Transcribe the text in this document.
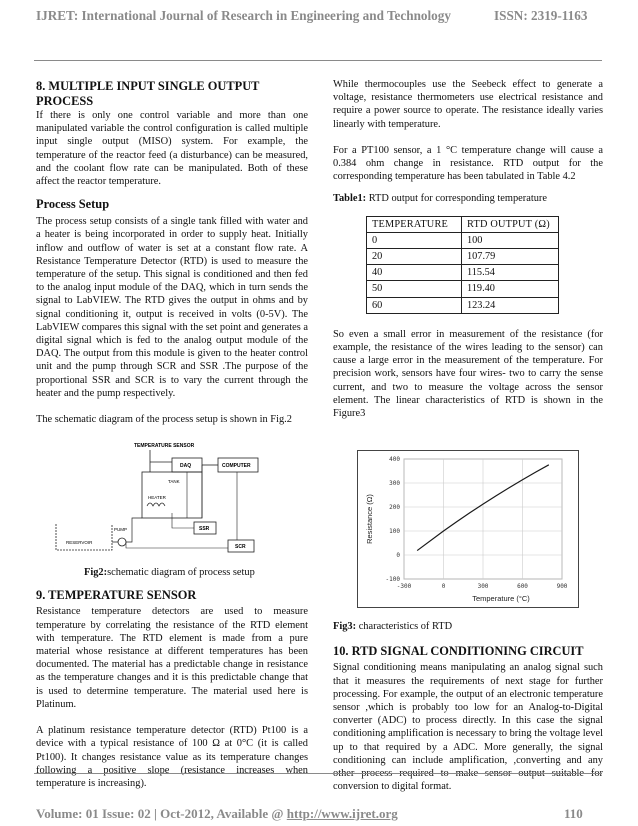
IJRET: International Journal of Research in Engineering and Technology	ISSN: 2319-1163
8. MULTIPLE INPUT SINGLE OUTPUT PROCESS

If there is only one control variable and more than one manipulated variable the control configuration is called multiple input single output (MISO) system. For example, the temperature of the reactor feed (a disturbance) can be measured, and the coolant flow rate can be manipulated. Both of these affect the reactor temperature.

Process Setup

The process setup consists of a single tank filled with water and a heater is being incorporated in order to supply heat. Initially inflow and outflow of water is set at a constant flow rate. A Resistance Temperature Detector (RTD) is used to measure the temperature of the setup. This signal is conditioned and then fed to the analog input module of the DAQ, which in turn sends the signal to LabVIEW. The RTD gives the output in ohms and by signal conditioning it, output is received in volts (0-5V). The LabVIEW compares this signal with the set point and generates a digital signal which is fed to the analog output module of the DAQ. The output from this module is given to the heater control unit and the pump through SCR and SSR .The purpose of the proportional SSR and SCR is to vary the current through the heater and the pump respectively.

The schematic diagram of the process setup is shown in Fig.2

TEMPERATURE SENSOR
DAQ	COMPUTER
TANK
HEATER
SSR
SCR
RESERVOIR
PUMP

Fig2:schematic diagram of process setup

9. TEMPERATURE SENSOR

Resistance temperature detectors are used to measure temperature by correlating the resistance of the RTD element with temperature. The RTD element is made from a pure material whose resistance at different temperatures has been documented. The material has a predictable change in resistance as the temperature changes and it is this predictable change that is used to determine temperature. The material used here is Platinum.

A platinum resistance temperature detector (RTD) Pt100 is a device with a typical resistance of 100 Ω at 0°C (it is called Pt100). It changes resistance value as its temperature changes following a positive slope (resistance increases when temperature is increasing).

While thermocouples use the Seebeck effect to generate a voltage, resistance thermometers use electrical resistance and require a power source to operate. The resistance ideally varies linearly with temperature.

For a PT100 sensor, a 1 °C temperature change will cause a 0.384 ohm change in resistance. RTD output for the corresponding temperature has been tabulated in Table 4.2

Table1: RTD output for corresponding temperature

TEMPERATURE	RTD OUTPUT (Ω)
0	100
20	107.79
40	115.54
50	119.40
60	123.24

So even a small error in measurement of the resistance (for example, the resistance of the wires leading to the sensor) can cause a large error in the measurement of the temperature. For precision work, sensors have four wires- two to carry the sense current, and two to measure the voltage across the sensor element. The linear characteristics of RTD is shown in the Figure3

-300	0	300	600	900
-100
0
100
200
300
400
Temperature (°C)
Resistance (Ω)

Fig3: characteristics of RTD

10. RTD SIGNAL CONDITIONING CIRCUIT

Signal conditioning means manipulating an analog signal such that it measures the requirements of next stage for further processing. For example, the output of an electronic temperature sensor ,which is probably too low for an Analog-to-Digital converter (ADC) to process directly. In this case the signal conditioning amplification is necessary to bring the voltage level up to that required by a ADC. More generally, the signal conditioning can include amplification, ,converting and any other process required to make sensor output suitable for conversion to digital format.

Volume: 01 Issue: 02 | Oct-2012, Available @ http://www.ijret.org	110
